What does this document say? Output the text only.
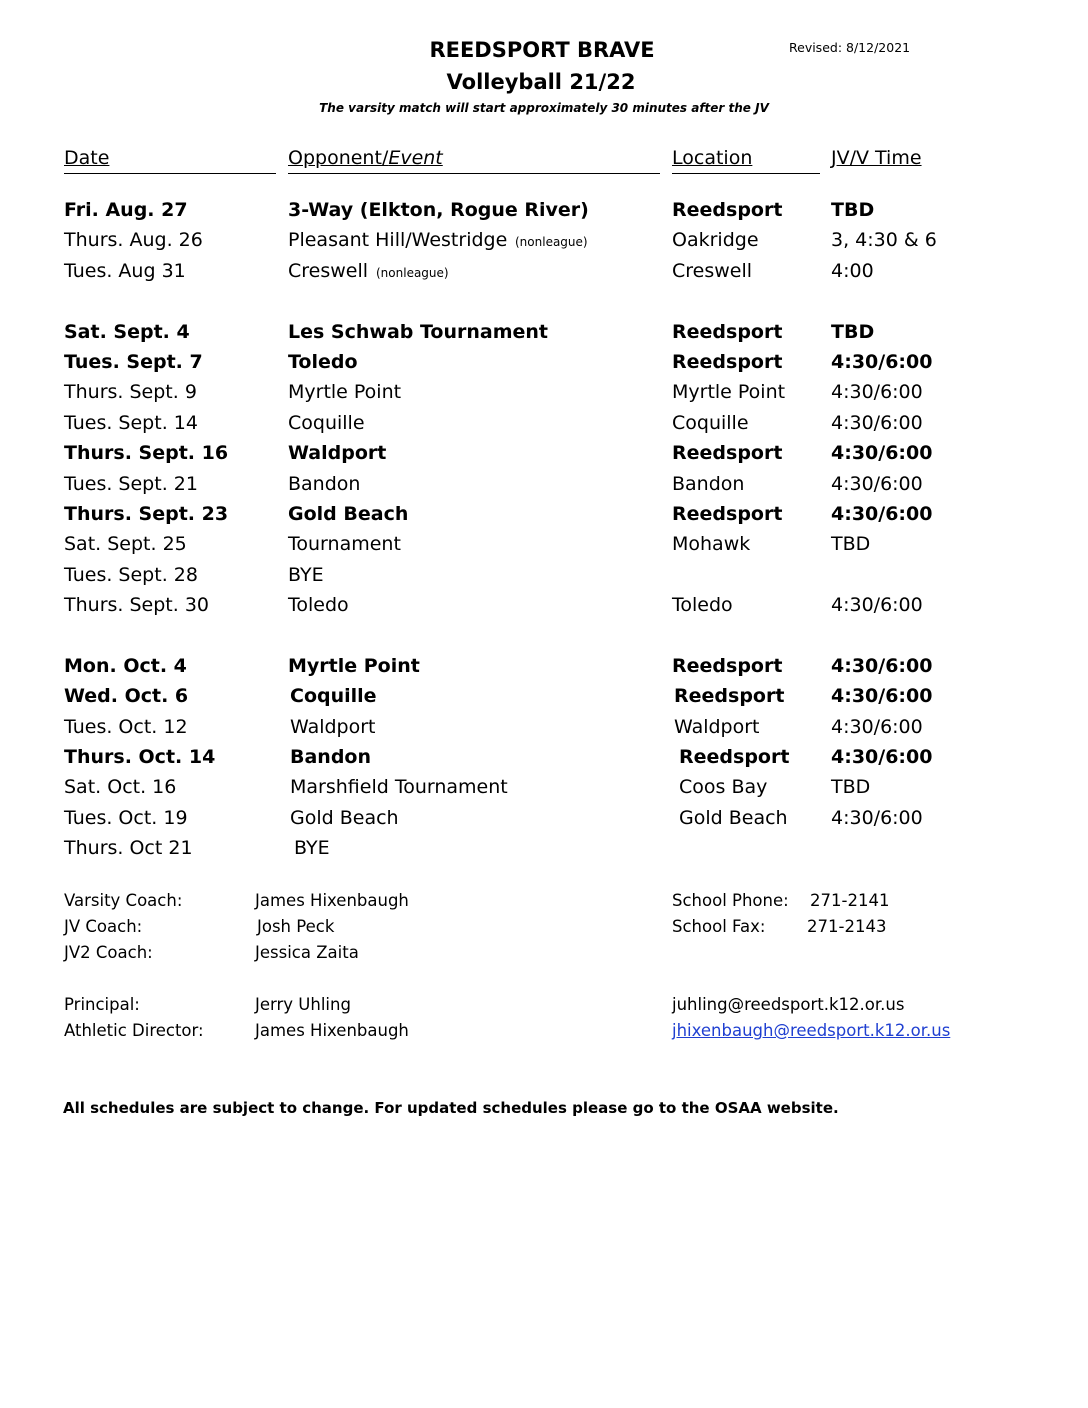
REEDSPORT BRAVE
Volleyball 21/22
The varsity match will start approximately 30 minutes after the JV
Revised: 8/12/2021
Date	Opponent/Event	Location	JV/V Time
Fri. Aug. 27	3-Way (Elkton, Rogue River)	Reedsport	TBD
Thurs. Aug. 26	Pleasant Hill/Westridge (nonleague)	Oakridge	3, 4:30 & 6
Tues. Aug 31	Creswell (nonleague)	Creswell	4:00
Sat. Sept. 4	Les Schwab Tournament	Reedsport	TBD
Tues. Sept. 7	Toledo	Reedsport	4:30/6:00
Thurs. Sept. 9	Myrtle Point	Myrtle Point 4:30/6:00
Tues. Sept. 14	Coquille	Coquille	4:30/6:00
Thurs. Sept. 16	Waldport	Reedsport	4:30/6:00
Tues. Sept. 21	Bandon	Bandon	4:30/6:00
Thurs. Sept. 23	Gold Beach	Reedsport	4:30/6:00
Sat. Sept. 25	Tournament	Mohawk	TBD
Tues. Sept. 28	BYE
Thurs. Sept. 30	Toledo	Toledo	4:30/6:00
Mon. Oct. 4	Myrtle Point	Reedsport	4:30/6:00
Wed. Oct. 6	Coquille	Reedsport 4:30/6:00
Tues. Oct. 12	Waldport	Waldport	4:30/6:00
Thurs. Oct. 14	Bandon	Reedsport 4:30/6:00
Sat. Oct. 16	Marshfield Tournament	Coos Bay	TBD
Tues. Oct. 19	Gold Beach	Gold Beach 4:30/6:00
Thurs. Oct 21	BYE
Varsity Coach:	James Hixenbaugh
JV Coach:	Josh Peck
JV2 Coach:	Jessica Zaita
Principal:	Jerry Uhling
Athletic Director:	James Hixenbaugh
School Phone: 271-2141
School Fax:	271-2143
juhling@reedsport.k12.or.us
jhixenbaugh@reedsport.k12.or.us
All schedules are subject to change. For updated schedules please go to the OSAA website.
